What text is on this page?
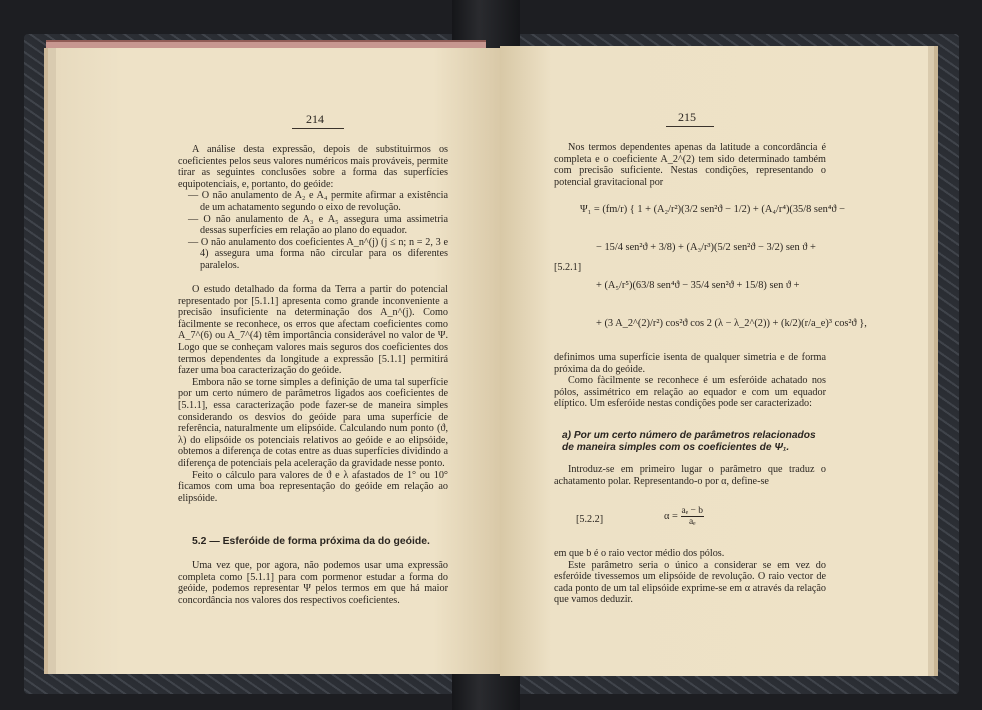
214

A análise desta expressão, depois de substituirmos os coeficientes pelos seus valores numéricos mais prováveis, permite tirar as seguintes conclusões sobre a forma das superfícies equipotenciais, e, portanto, do geóide:

— O não anulamento de A₂ e A₄ permite afirmar a existência de um achatamento segundo o eixo de revolução.

— O não anulamento de A₃ e A₅ assegura uma assimetria dessas superfícies em relação ao plano do equador.

— O não anulamento dos coeficientes A_n^(j) (j ≤ n; n = 2, 3 e 4) assegura uma forma não circular para os diferentes paralelos.

O estudo detalhado da forma da Terra a partir do potencial representado por [5.1.1] apresenta como grande inconveniente a precisão insuficiente na determinação dos A_n^(j). Como fàcilmente se reconhece, os erros que afectam coeficientes como A_7^(6) ou A_7^(4) têm importância considerável no valor de Ψ. Logo que se conheçam valores mais seguros dos coeficientes dos termos dependentes da longitude a expressão [5.1.1] permitirá fazer uma boa caracterização do geóide.

Embora não se torne simples a definição de uma tal superfície por um certo número de parâmetros ligados aos coeficientes de [5.1.1], essa caracterização pode fazer-se de maneira simples considerando os desvios do geóide para uma superfície de referência, naturalmente um elipsóide. Calculando num ponto (ϑ, λ) do elipsóide os potenciais relativos ao geóide e ao elipsóide, obtemos a diferença de cotas entre as duas superfícies dividindo a diferença de potenciais pela aceleração da gravidade nesse ponto.

Feito o cálculo para valores de ϑ e λ afastados de 1° ou 10° ficamos com uma boa representação do geóide em relação ao elipsóide.

5.2 — Esferóide de forma próxima da do geóide.

Uma vez que, por agora, não podemos usar uma expressão completa como [5.1.1] para com pormenor estudar a forma do geóide, podemos representar Ψ pelos termos em que há maior concordância nos valores dos respectivos coeficientes.

215

Nos termos dependentes apenas da latitude a concordância é completa e o coeficiente A_2^(2) tem sido determinado também com precisão suficiente. Nestas condições, representando o potencial gravitacional por

Ψ₁ = (fm/r) { 1 + (A₂/r²)(3/2 sen²ϑ − 1/2) + (A₄/r⁴)(35/8 sen⁴ϑ −
− 15/4 sen²ϑ + 3/8) + (A₃/r³)(5/2 sen²ϑ − 3/2) sen ϑ +
[5.2.1]
+ (A₅/r⁵)(63/8 sen⁴ϑ − 35/4 sen²ϑ + 15/8) sen ϑ +
+ (3 A_2^(2)/r²) cos²ϑ cos 2 (λ − λ_2^(2)) + (k/2)(r/a_e)³ cos²ϑ },

definimos uma superfície isenta de qualquer simetria e de forma próxima da do geóide.

Como fàcilmente se reconhece é um esferóide achatado nos pólos, assimétrico em relação ao equador e com um equador elíptico. Um esferóide nestas condições pode ser caracterizado:

a) Por um certo número de parâmetros relacionados de maneira simples com os coeficientes de Ψ₁.

Introduz-se em primeiro lugar o parâmetro que traduz o achatamento polar. Representando-o por α, define-se

[5.2.2]	$\alpha = \frac{\text{aₑ − b}}{\text{aₑ}}$

em que b é o raio vector médio dos pólos.

Este parâmetro seria o único a considerar se em vez do esferóide tivessemos um elipsóide de revolução. O raio vector de cada ponto de um tal elipsóide exprime-se em α através da relação que vamos deduzir.
